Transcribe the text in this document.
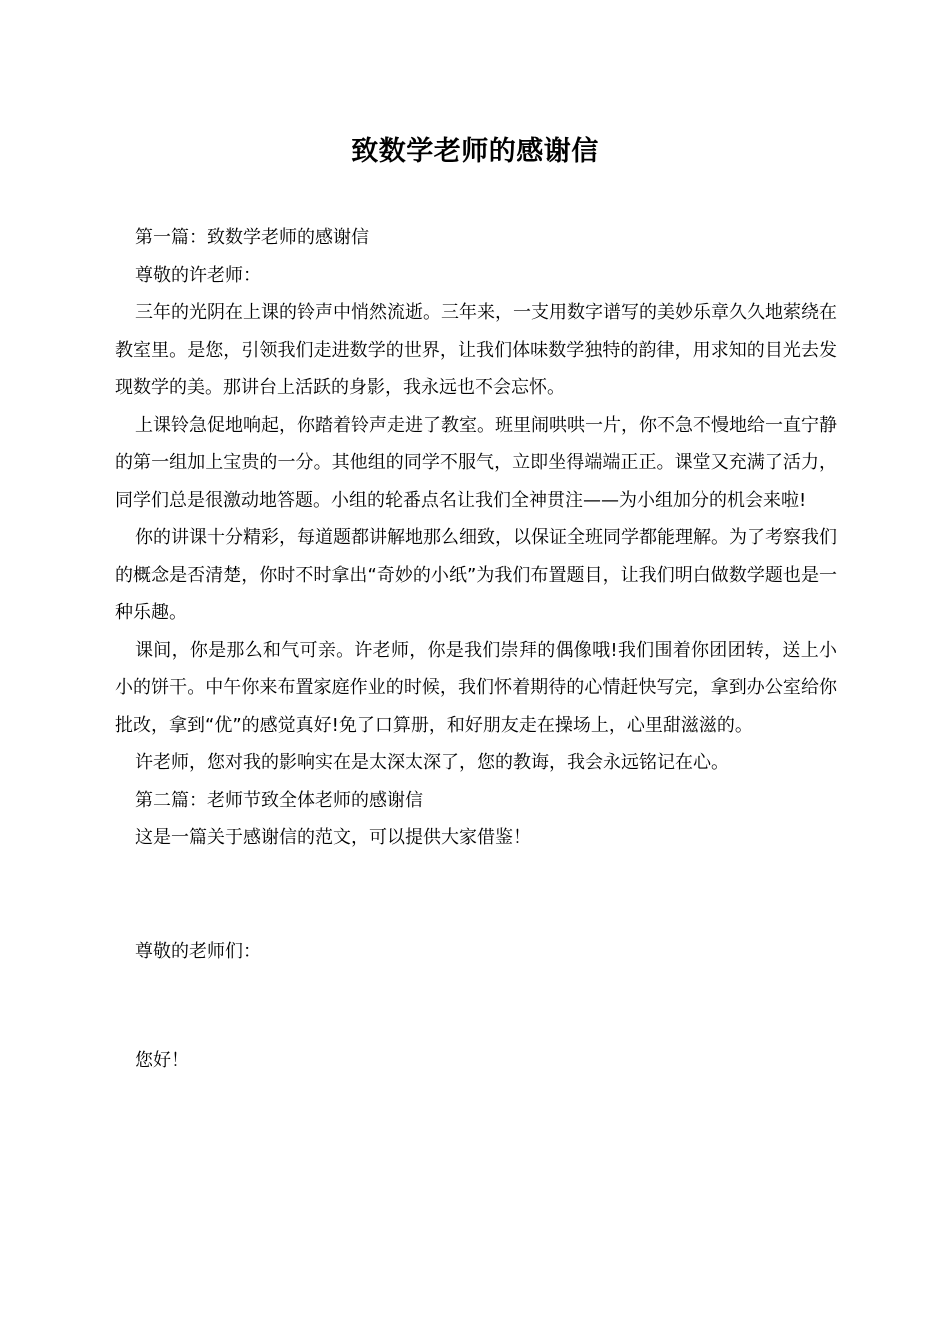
致数学老师的感谢信

第一篇：致数学老师的感谢信

尊敬的许老师：

三年的光阴在上课的铃声中悄然流逝。三年来，一支用数字谱写的美妙乐章久久地萦绕在教室里。是您，引领我们走进数学的世界，让我们体味数学独特的韵律，用求知的目光去发现数学的美。那讲台上活跃的身影，我永远也不会忘怀。

上课铃急促地响起，你踏着铃声走进了教室。班里闹哄哄一片，你不急不慢地给一直宁静的第一组加上宝贵的一分。其他组的同学不服气，立即坐得端端正正。课堂又充满了活力，同学们总是很激动地答题。小组的轮番点名让我们全神贯注——为小组加分的机会来啦!

你的讲课十分精彩，每道题都讲解地那么细致，以保证全班同学都能理解。为了考察我们的概念是否清楚，你时不时拿出“奇妙的小纸”为我们布置题目，让我们明白做数学题也是一种乐趣。

课间，你是那么和气可亲。许老师，你是我们崇拜的偶像哦!我们围着你团团转，送上小小的饼干。中午你来布置家庭作业的时候，我们怀着期待的心情赶快写完，拿到办公室给你批改，拿到“优”的感觉真好!免了口算册，和好朋友走在操场上，心里甜滋滋的。

许老师，您对我的影响实在是太深太深了，您的教诲，我会永远铭记在心。

第二篇：老师节致全体老师的感谢信

这是一篇关于感谢信的范文，可以提供大家借鉴！

尊敬的老师们：

您好！
